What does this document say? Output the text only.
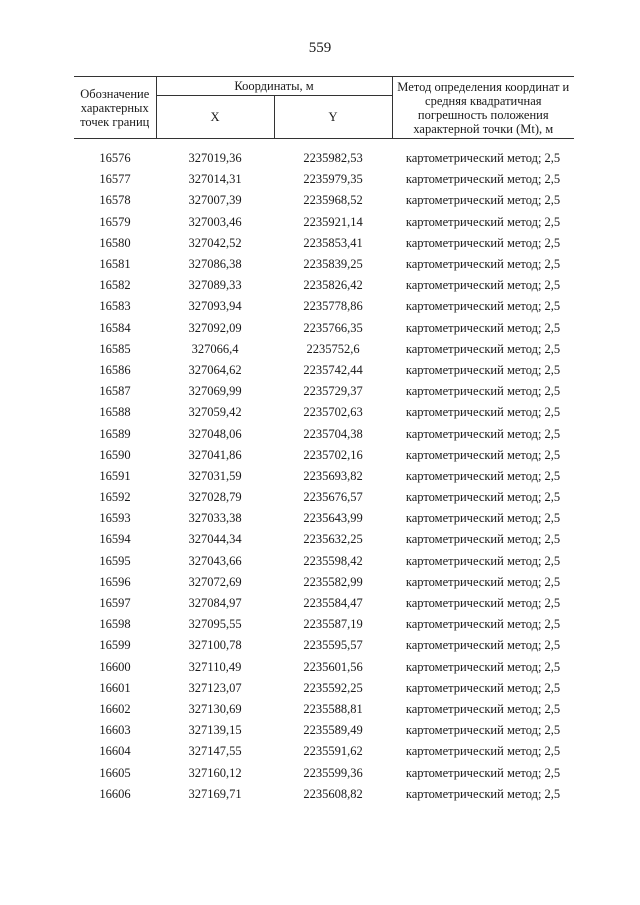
559
Обозначение характерных точек границ	Координаты, м		Метод определения координат и средняя квадратичная погрешность положения характерной точки (Mt), м
	X	Y	
16576	327019,36	2235982,53	картометрический метод; 2,5
16577	327014,31	2235979,35	картометрический метод; 2,5
16578	327007,39	2235968,52	картометрический метод; 2,5
16579	327003,46	2235921,14	картометрический метод; 2,5
16580	327042,52	2235853,41	картометрический метод; 2,5
16581	327086,38	2235839,25	картометрический метод; 2,5
16582	327089,33	2235826,42	картометрический метод; 2,5
16583	327093,94	2235778,86	картометрический метод; 2,5
16584	327092,09	2235766,35	картометрический метод; 2,5
16585	327066,4	2235752,6	картометрический метод; 2,5
16586	327064,62	2235742,44	картометрический метод; 2,5
16587	327069,99	2235729,37	картометрический метод; 2,5
16588	327059,42	2235702,63	картометрический метод; 2,5
16589	327048,06	2235704,38	картометрический метод; 2,5
16590	327041,86	2235702,16	картометрический метод; 2,5
16591	327031,59	2235693,82	картометрический метод; 2,5
16592	327028,79	2235676,57	картометрический метод; 2,5
16593	327033,38	2235643,99	картометрический метод; 2,5
16594	327044,34	2235632,25	картометрический метод; 2,5
16595	327043,66	2235598,42	картометрический метод; 2,5
16596	327072,69	2235582,99	картометрический метод; 2,5
16597	327084,97	2235584,47	картометрический метод; 2,5
16598	327095,55	2235587,19	картометрический метод; 2,5
16599	327100,78	2235595,57	картометрический метод; 2,5
16600	327110,49	2235601,56	картометрический метод; 2,5
16601	327123,07	2235592,25	картометрический метод; 2,5
16602	327130,69	2235588,81	картометрический метод; 2,5
16603	327139,15	2235589,49	картометрический метод; 2,5
16604	327147,55	2235591,62	картометрический метод; 2,5
16605	327160,12	2235599,36	картометрический метод; 2,5
16606	327169,71	2235608,82	картометрический метод; 2,5
